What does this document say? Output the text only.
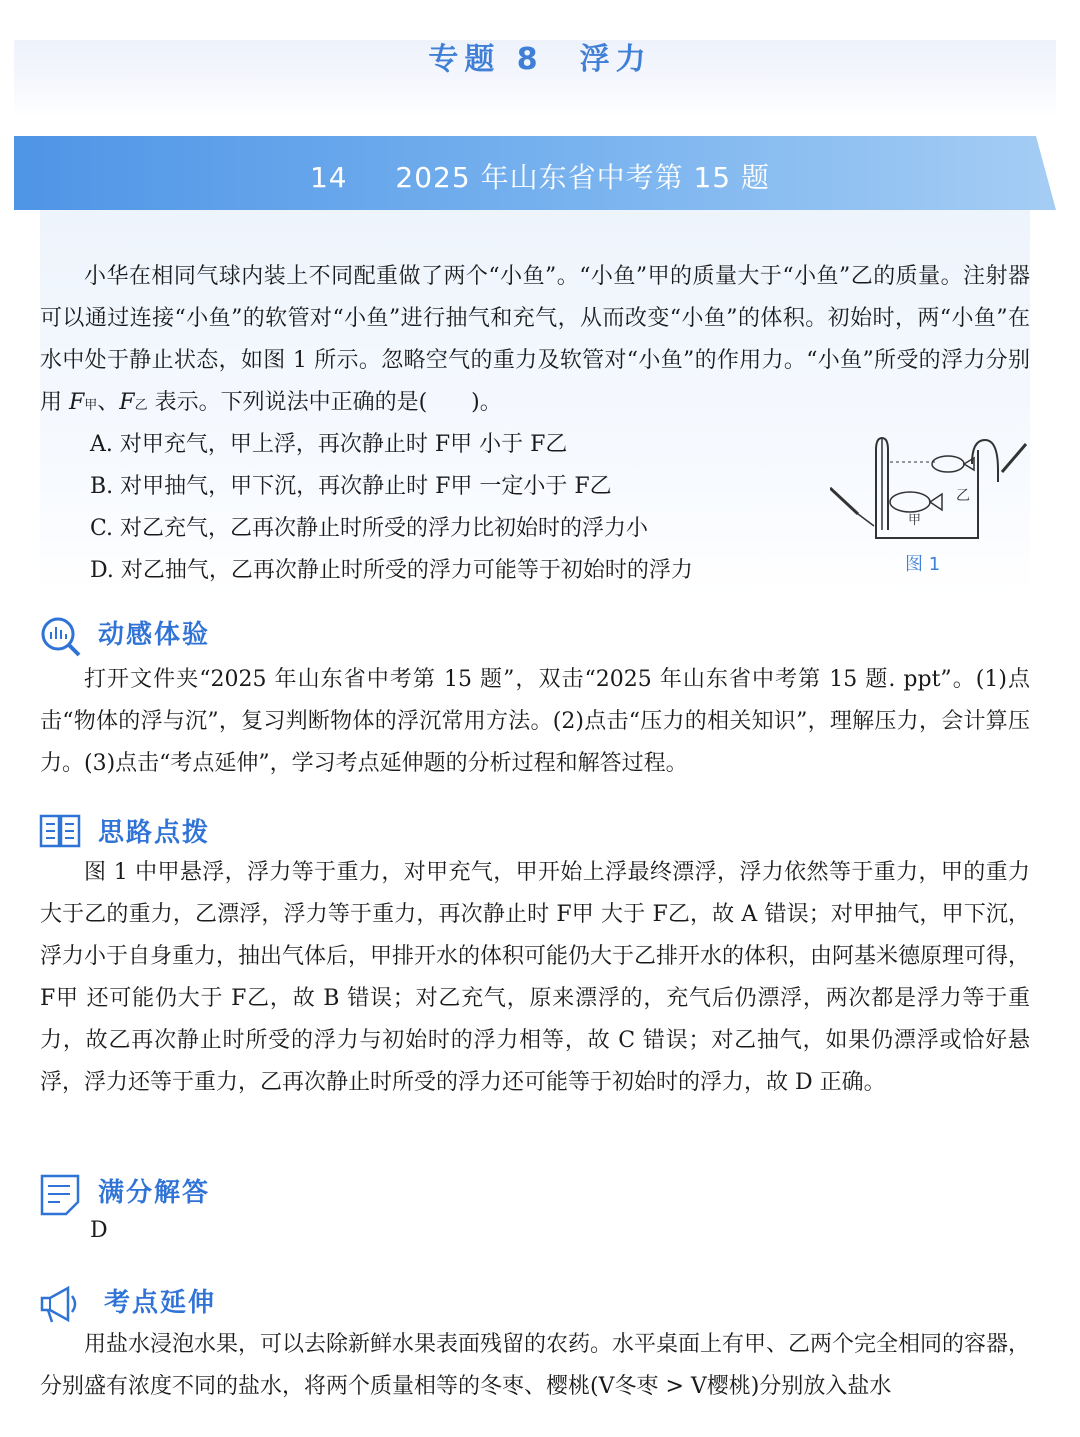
专题 8　浮力
14 2025 年山东省中考第 15 题
小华在相同气球内装上不同配重做了两个“小鱼”。“小鱼”甲的质量大于“小鱼”乙的质量。注射器可以通过连接“小鱼”的软管对“小鱼”进行抽气和充气，从而改变“小鱼”的体积。初始时，两“小鱼”在水中处于静止状态，如图 1 所示。忽略空气的重力及软管对“小鱼”的作用力。“小鱼”所受的浮力分别用 F甲、F乙 表示。下列说法中正确的是(　　)。
A. 对甲充气，甲上浮，再次静止时 F甲 小于 F乙
B. 对甲抽气，甲下沉，再次静止时 F甲 一定小于 F乙
C. 对乙充气，乙再次静止时所受的浮力比初始时的浮力小
D. 对乙抽气，乙再次静止时所受的浮力可能等于初始时的浮力
乙
甲
图 1
动感体验
打开文件夹“2025 年山东省中考第 15 题”，双击“2025 年山东省中考第 15 题. ppt”。(1)点击“物体的浮与沉”，复习判断物体的浮沉常用方法。(2)点击“压力的相关知识”，理解压力，会计算压力。(3)点击“考点延伸”，学习考点延伸题的分析过程和解答过程。
思路点拨
图 1 中甲悬浮，浮力等于重力，对甲充气，甲开始上浮最终漂浮，浮力依然等于重力，甲的重力大于乙的重力，乙漂浮，浮力等于重力，再次静止时 F甲 大于 F乙，故 A 错误；对甲抽气，甲下沉，浮力小于自身重力，抽出气体后，甲排开水的体积可能仍大于乙排开水的体积，由阿基米德原理可得，F甲 还可能仍大于 F乙，故 B 错误；对乙充气，原来漂浮的，充气后仍漂浮，两次都是浮力等于重力，故乙再次静止时所受的浮力与初始时的浮力相等，故 C 错误；对乙抽气，如果仍漂浮或恰好悬浮，浮力还等于重力，乙再次静止时所受的浮力还可能等于初始时的浮力，故 D 正确。
满分解答
D
考点延伸
用盐水浸泡水果，可以去除新鲜水果表面残留的农药。水平桌面上有甲、乙两个完全相同的容器，分别盛有浓度不同的盐水，将两个质量相等的冬枣、樱桃(V冬枣 > V樱桃)分别放入盐水
